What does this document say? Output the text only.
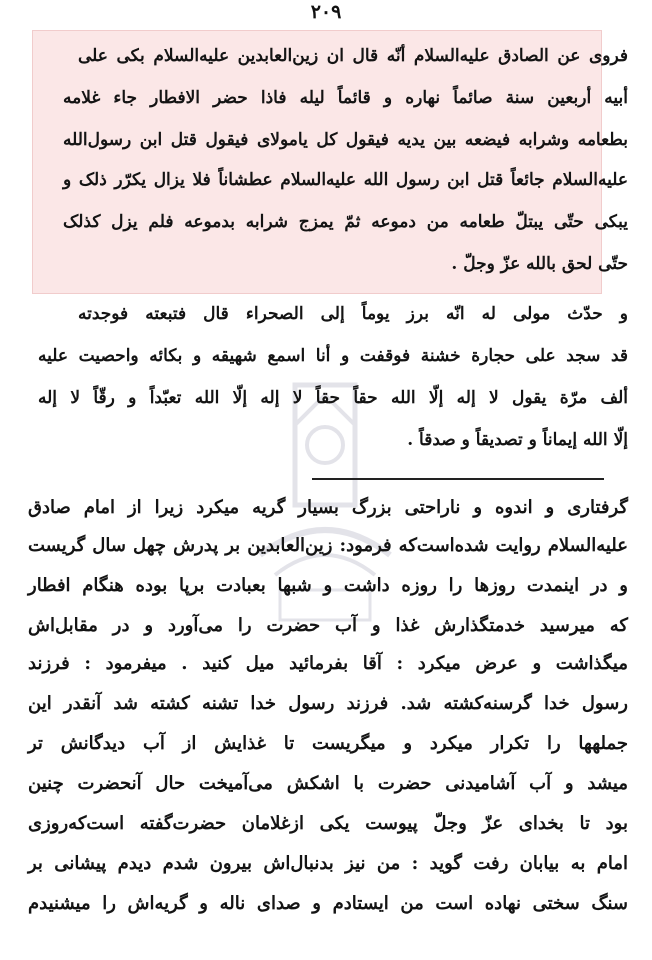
۲۰۹
فروی عن الصادق علیه‌السلام أنّه قال ان زین‌العابدین علیه‌السلام بکی علی
أبیه أربعین سنة صائماً نهاره و قائماً لیله فاذا حضر الافطار جاء غلامه
بطعامه وشرابه فیضعه بین یدیه فیقول کل یامولای فیقول قتل ابن رسول‌الله
علیه‌السلام جائعاً قتل ابن رسول الله علیه‌السلام عطشاناً فلا یزال یکرّر ذلک و
یبکی حتّی یبتلّ طعامه من دموعه ثمّ یمزج شرابه بدموعه فلم یزل کذلک
حتّی لحق بالله عزّ وجلّ .
و حدّث مولی له انّه برز یوماً إلی الصحراء قال فتبعته فوجدته
قد سجد علی حجارة خشنة فوقفت و أنا اسمع شهیقه و بکائه واحصیت علیه
ألف مرّة یقول لا إله إلّا الله حقاً حقاً لا إله إلّا الله تعبّداً و رقّاً لا إله
إلّا الله إیماناً و تصدیقاً و صدقاً .
گرفتاری و اندوه و ناراحتی بزرگ بسیار گریه میکرد زیرا از امام صادق
علیه‌السلام روایت شده‌است‌که فرمود: زین‌العابدین بر پدرش چهل سال گریست
و در اینمدت روزها را روزه داشت و شبها بعبادت برپا بوده هنگام افطار
که میرسید خدمتگذارش غذا و آب حضرت را می‌آورد و در مقابل‌اش
میگذاشت و عرض میکرد : آقا بفرمائید میل کنید . میفرمود : فرزند
رسول خدا گرسنه‌کشته شد. فرزند رسول خدا تشنه کشته شد آنقدر این
جملهها را تکرار میکرد و میگریست تا غذایش از آب دیدگانش تر
میشد و آب آشامیدنی حضرت با اشکش می‌آمیخت حال آنحضرت چنین
بود تا بخدای عزّ وجلّ پیوست یکی ازغلامان حضرت‌گفته است‌که‌روزی
امام به بیابان رفت گوید : من نیز بدنبال‌اش بیرون شدم دیدم پیشانی بر
سنگ سختی نهاده است من ایستادم و صدای ناله و گریه‌اش را میشنیدم
